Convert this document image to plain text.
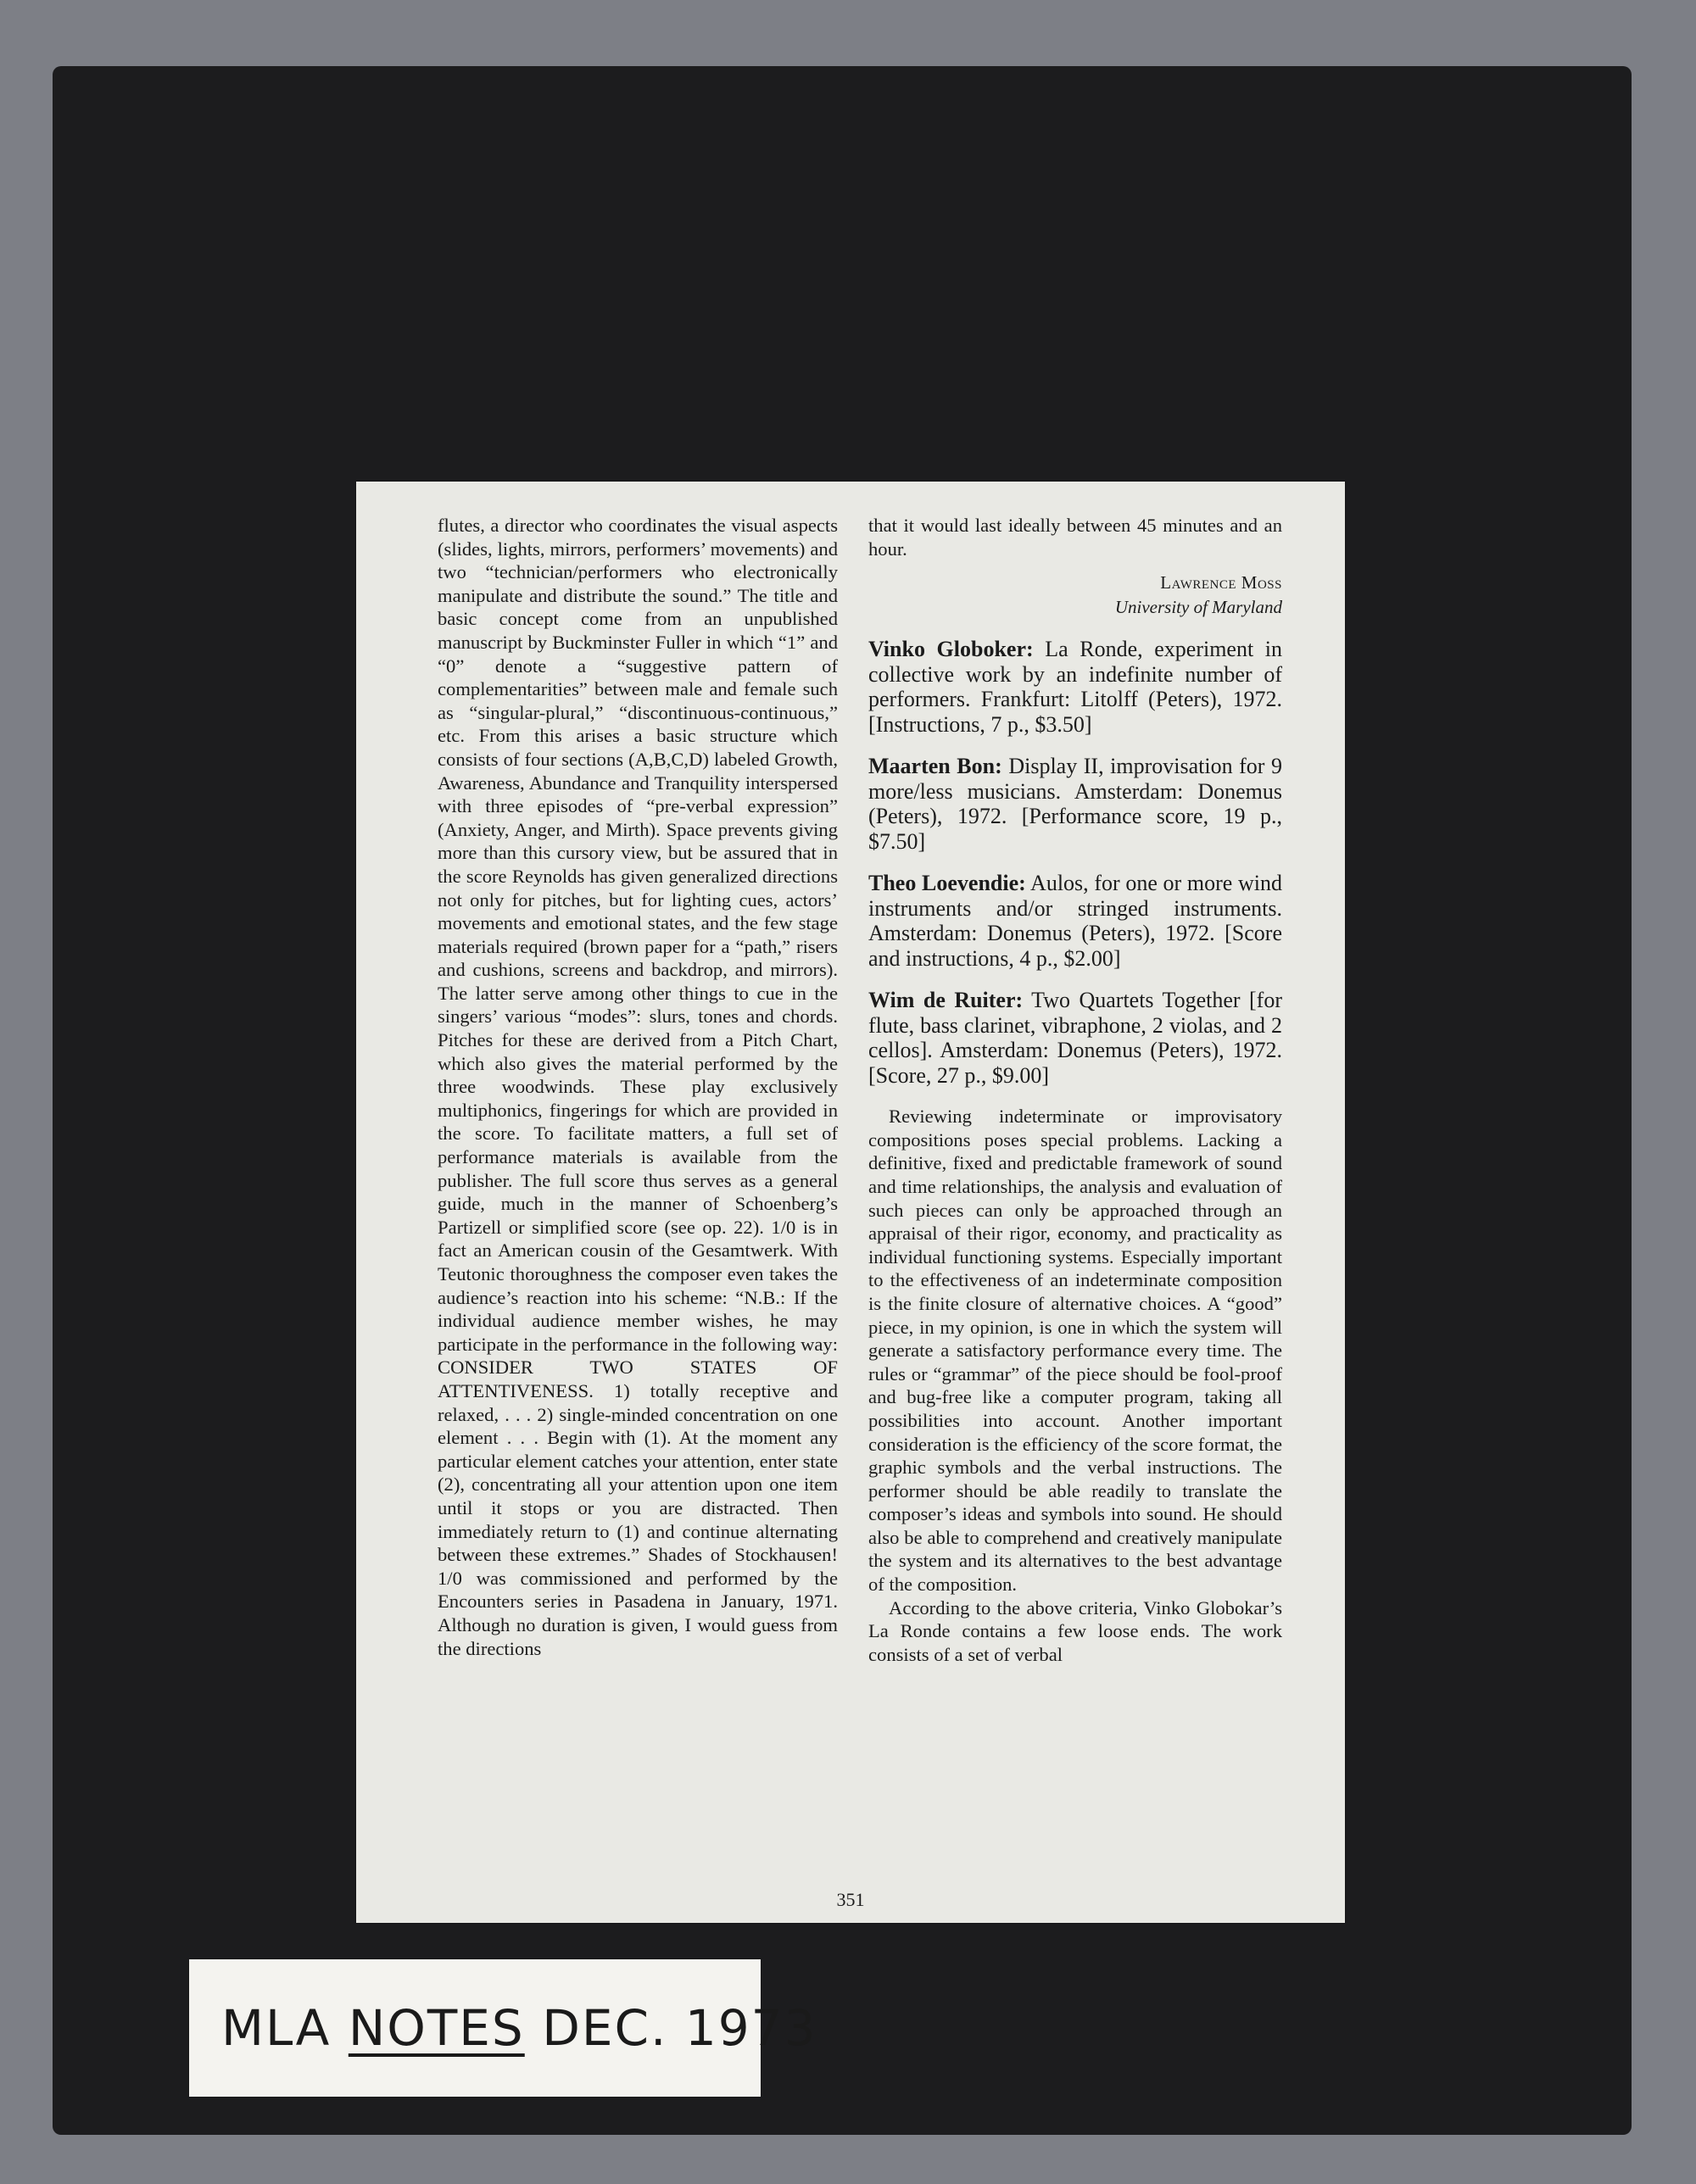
flutes, a director who coordinates the visual aspects (slides, lights, mirrors, performers’ movements) and two “technician/performers who electronically manipulate and distribute the sound.” The title and basic concept come from an unpublished manuscript by Buckminster Fuller in which “1” and “0” denote a “suggestive pattern of complementarities” between male and female such as “singular-plural,” “discontinuous-continuous,” etc. From this arises a basic structure which consists of four sections (A,B,C,D) labeled Growth, Awareness, Abundance and Tranquility interspersed with three episodes of “pre-verbal expression” (Anxiety, Anger, and Mirth). Space prevents giving more than this cursory view, but be assured that in the score Reynolds has given generalized directions not only for pitches, but for lighting cues, actors’ movements and emotional states, and the few stage materials required (brown paper for a “path,” risers and cushions, screens and backdrop, and mirrors). The latter serve among other things to cue in the singers’ various “modes”: slurs, tones and chords. Pitches for these are derived from a Pitch Chart, which also gives the material performed by the three woodwinds. These play exclusively multiphonics, fingerings for which are provided in the score. To facilitate matters, a full set of performance materials is available from the publisher. The full score thus serves as a general guide, much in the manner of Schoenberg’s Partizell or simplified score (see op. 22). 1/0 is in fact an American cousin of the Gesamtwerk. With Teutonic thoroughness the composer even takes the audience’s reaction into his scheme: “N.B.: If the individual audience member wishes, he may participate in the performance in the following way: CONSIDER TWO STATES OF ATTENTIVENESS. 1) totally receptive and relaxed, . . . 2) single-minded concentration on one element . . . Begin with (1). At the moment any particular element catches your attention, enter state (2), concentrating all your attention upon one item until it stops or you are distracted. Then immediately return to (1) and continue alternating between these extremes.” Shades of Stockhausen! 1/0 was commissioned and performed by the Encounters series in Pasadena in January, 1971. Although no duration is given, I would guess from the directions

that it would last ideally between 45 minutes and an hour.

Lawrence Moss
University of Maryland

Vinko Globoker: La Ronde, experiment in collective work by an indefinite number of performers. Frankfurt: Litolff (Peters), 1972. [Instructions, 7 p., $3.50]

Maarten Bon: Display II, improvisation for 9 more/less musicians. Amsterdam: Donemus (Peters), 1972. [Performance score, 19 p., $7.50]

Theo Loevendie: Aulos, for one or more wind instruments and/or stringed instruments. Amsterdam: Donemus (Peters), 1972. [Score and instructions, 4 p., $2.00]

Wim de Ruiter: Two Quartets Together [for flute, bass clarinet, vibraphone, 2 violas, and 2 cellos]. Amsterdam: Donemus (Peters), 1972. [Score, 27 p., $9.00]

Reviewing indeterminate or improvisatory compositions poses special problems. Lacking a definitive, fixed and predictable framework of sound and time relationships, the analysis and evaluation of such pieces can only be approached through an appraisal of their rigor, economy, and practicality as individual functioning systems. Especially important to the effectiveness of an indeterminate composition is the finite closure of alternative choices. A “good” piece, in my opinion, is one in which the system will generate a satisfactory performance every time. The rules or “grammar” of the piece should be fool-proof and bug-free like a computer program, taking all possibilities into account. Another important consideration is the efficiency of the score format, the graphic symbols and the verbal instructions. The performer should be able readily to translate the composer’s ideas and symbols into sound. He should also be able to comprehend and creatively manipulate the system and its alternatives to the best advantage of the composition.

According to the above criteria, Vinko Globokar’s La Ronde contains a few loose ends. The work consists of a set of verbal

351
MLA NOTES DEC. 1973
